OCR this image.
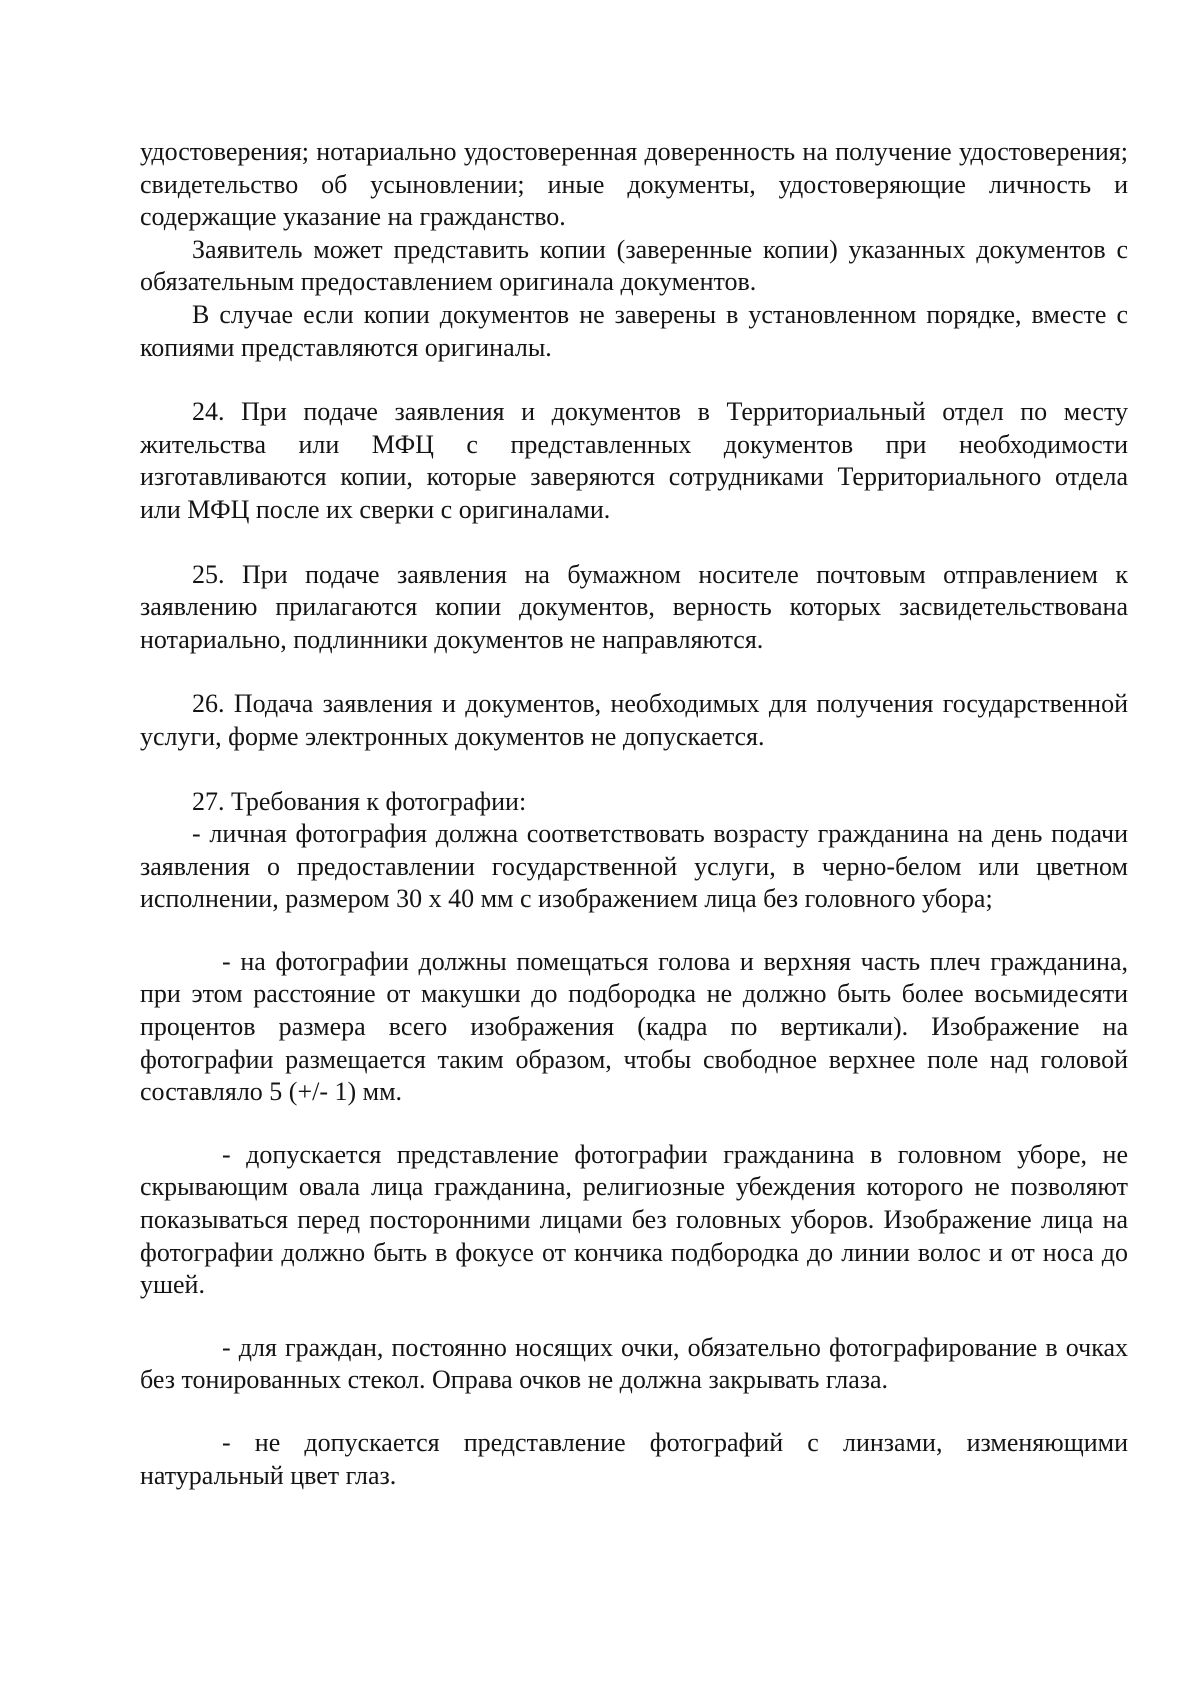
удостоверения; нотариально удостоверенная доверенность на получение удостоверения; свидетельство об усыновлении; иные документы, удостоверяющие личность и содержащие указание на гражданство.

Заявитель может представить копии (заверенные копии) указанных документов с обязательным предоставлением оригинала документов.

В случае если копии документов не заверены в установленном порядке, вместе с копиями представляются оригиналы.

24. При подаче заявления и документов в Территориальный отдел по месту жительства или МФЦ с представленных документов при необходимости изготавливаются копии, которые заверяются сотрудниками Территориального отдела или МФЦ после их сверки с оригиналами.

25. При подаче заявления на бумажном носителе почтовым отправлением к заявлению прилагаются копии документов, верность которых засвидетельствована нотариально, подлинники документов не направляются.

26. Подача заявления и документов, необходимых для получения государственной услуги, форме электронных документов не допускается.

27. Требования к фотографии:

- личная фотография должна соответствовать возрасту гражданина на день подачи заявления о предоставлении государственной услуги, в черно-белом или цветном исполнении, размером 30 х 40 мм с изображением лица без головного убора;

- на фотографии должны помещаться голова и верхняя часть плеч гражданина, при этом расстояние от макушки до подбородка не должно быть более восьмидесяти процентов размера всего изображения (кадра по вертикали). Изображение на фотографии размещается таким образом, чтобы свободное верхнее поле над головой составляло 5 (+/- 1) мм.

- допускается представление фотографии гражданина в головном уборе, не скрывающим овала лица гражданина, религиозные убеждения которого не позволяют показываться перед посторонними лицами без головных уборов. Изображение лица на фотографии должно быть в фокусе от кончика подбородка до линии волос и от носа до ушей.

- для граждан, постоянно носящих очки, обязательно фотографирование в очках без тонированных стекол. Оправа очков не должна закрывать глаза.

- не допускается представление фотографий с линзами, изменяющими натуральный цвет глаз.
